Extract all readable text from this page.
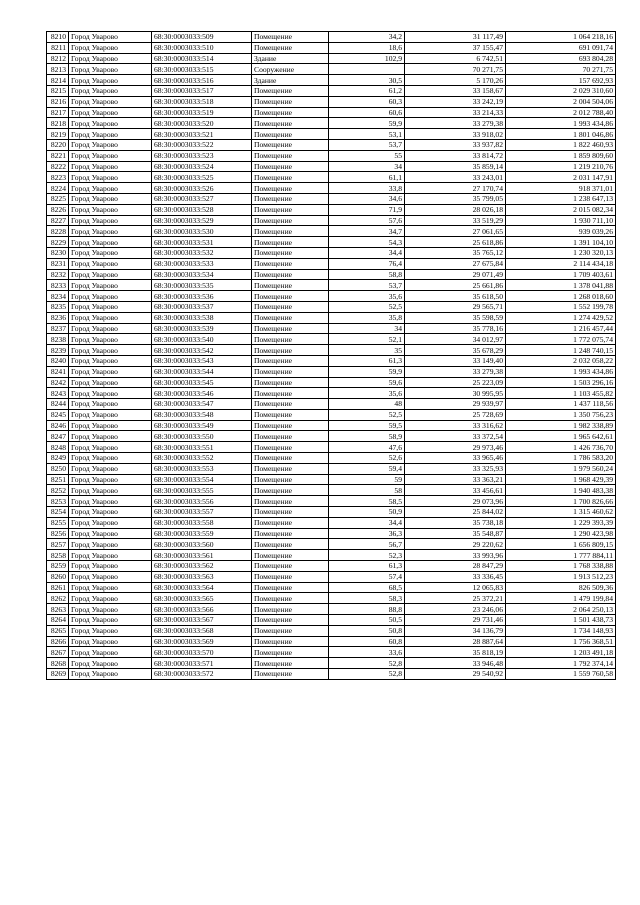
8210	Город Уварово	68:30:0003033:509	Помещение	34,2	31 117,49	1 064 218,16
8211	Город Уварово	68:30:0003033:510	Помещение	18,6	37 155,47	691 091,74
8212	Город Уварово	68:30:0003033:514	Здание	102,9	6 742,51	693 804,28
8213	Город Уварово	68:30:0003033:515	Сооружение		70 271,75	70 271,75
8214	Город Уварово	68:30:0003033:516	Здание	30,5	5 170,26	157 692,93
8215	Город Уварово	68:30:0003033:517	Помещение	61,2	33 158,67	2 029 310,60
8216	Город Уварово	68:30:0003033:518	Помещение	60,3	33 242,19	2 004 504,06
8217	Город Уварово	68:30:0003033:519	Помещение	60,6	33 214,33	2 012 788,40
8218	Город Уварово	68:30:0003033:520	Помещение	59,9	33 279,38	1 993 434,86
8219	Город Уварово	68:30:0003033:521	Помещение	53,1	33 918,02	1 801 046,86
8220	Город Уварово	68:30:0003033:522	Помещение	53,7	33 937,82	1 822 460,93
8221	Город Уварово	68:30:0003033:523	Помещение	55	33 814,72	1 859 809,60
8222	Город Уварово	68:30:0003033:524	Помещение	34	35 859,14	1 219 210,76
8223	Город Уварово	68:30:0003033:525	Помещение	61,1	33 243,01	2 031 147,91
8224	Город Уварово	68:30:0003033:526	Помещение	33,8	27 170,74	918 371,01
8225	Город Уварово	68:30:0003033:527	Помещение	34,6	35 799,05	1 238 647,13
8226	Город Уварово	68:30:0003033:528	Помещение	71,9	28 026,18	2 015 082,34
8227	Город Уварово	68:30:0003033:529	Помещение	57,6	33 519,29	1 930 711,10
8228	Город Уварово	68:30:0003033:530	Помещение	34,7	27 061,65	939 039,26
8229	Город Уварово	68:30:0003033:531	Помещение	54,3	25 618,86	1 391 104,10
8230	Город Уварово	68:30:0003033:532	Помещение	34,4	35 765,12	1 230 320,13
8231	Город Уварово	68:30:0003033:533	Помещение	76,4	27 675,84	2 114 434,18
8232	Город Уварово	68:30:0003033:534	Помещение	58,8	29 071,49	1 709 403,61
8233	Город Уварово	68:30:0003033:535	Помещение	53,7	25 661,86	1 378 041,88
8234	Город Уварово	68:30:0003033:536	Помещение	35,6	35 618,50	1 268 018,60
8235	Город Уварово	68:30:0003033:537	Помещение	52,5	29 565,71	1 552 199,78
8236	Город Уварово	68:30:0003033:538	Помещение	35,8	35 598,59	1 274 429,52
8237	Город Уварово	68:30:0003033:539	Помещение	34	35 778,16	1 216 457,44
8238	Город Уварово	68:30:0003033:540	Помещение	52,1	34 012,97	1 772 075,74
8239	Город Уварово	68:30:0003033:542	Помещение	35	35 678,29	1 248 740,15
8240	Город Уварово	68:30:0003033:543	Помещение	61,3	33 149,40	2 032 058,22
8241	Город Уварово	68:30:0003033:544	Помещение	59,9	33 279,38	1 993 434,86
8242	Город Уварово	68:30:0003033:545	Помещение	59,6	25 223,09	1 503 296,16
8243	Город Уварово	68:30:0003033:546	Помещение	35,6	30 995,95	1 103 455,82
8244	Город Уварово	68:30:0003033:547	Помещение	48	29 939,97	1 437 118,56
8245	Город Уварово	68:30:0003033:548	Помещение	52,5	25 728,69	1 350 756,23
8246	Город Уварово	68:30:0003033:549	Помещение	59,5	33 316,62	1 982 338,89
8247	Город Уварово	68:30:0003033:550	Помещение	58,9	33 372,54	1 965 642,61
8248	Город Уварово	68:30:0003033:551	Помещение	47,6	29 973,46	1 426 736,70
8249	Город Уварово	68:30:0003033:552	Помещение	52,6	33 965,46	1 786 583,20
8250	Город Уварово	68:30:0003033:553	Помещение	59,4	33 325,93	1 979 560,24
8251	Город Уварово	68:30:0003033:554	Помещение	59	33 363,21	1 968 429,39
8252	Город Уварово	68:30:0003033:555	Помещение	58	33 456,61	1 940 483,38
8253	Город Уварово	68:30:0003033:556	Помещение	58,5	29 073,96	1 700 826,66
8254	Город Уварово	68:30:0003033:557	Помещение	50,9	25 844,02	1 315 460,62
8255	Город Уварово	68:30:0003033:558	Помещение	34,4	35 738,18	1 229 393,39
8256	Город Уварово	68:30:0003033:559	Помещение	36,3	35 548,87	1 290 423,98
8257	Город Уварово	68:30:0003033:560	Помещение	56,7	29 220,62	1 656 809,15
8258	Город Уварово	68:30:0003033:561	Помещение	52,3	33 993,96	1 777 884,11
8259	Город Уварово	68:30:0003033:562	Помещение	61,3	28 847,29	1 768 338,88
8260	Город Уварово	68:30:0003033:563	Помещение	57,4	33 336,45	1 913 512,23
8261	Город Уварово	68:30:0003033:564	Помещение	68,5	12 065,83	826 509,36
8262	Город Уварово	68:30:0003033:565	Помещение	58,3	25 372,21	1 479 199,84
8263	Город Уварово	68:30:0003033:566	Помещение	88,8	23 246,06	2 064 250,13
8264	Город Уварово	68:30:0003033:567	Помещение	50,5	29 731,46	1 501 438,73
8265	Город Уварово	68:30:0003033:568	Помещение	50,8	34 136,79	1 734 148,93
8266	Город Уварово	68:30:0003033:569	Помещение	60,8	28 887,64	1 756 368,51
8267	Город Уварово	68:30:0003033:570	Помещение	33,6	35 818,19	1 203 491,18
8268	Город Уварово	68:30:0003033:571	Помещение	52,8	33 946,48	1 792 374,14
8269	Город Уварово	68:30:0003033:572	Помещение	52,8	29 540,92	1 559 760,58
